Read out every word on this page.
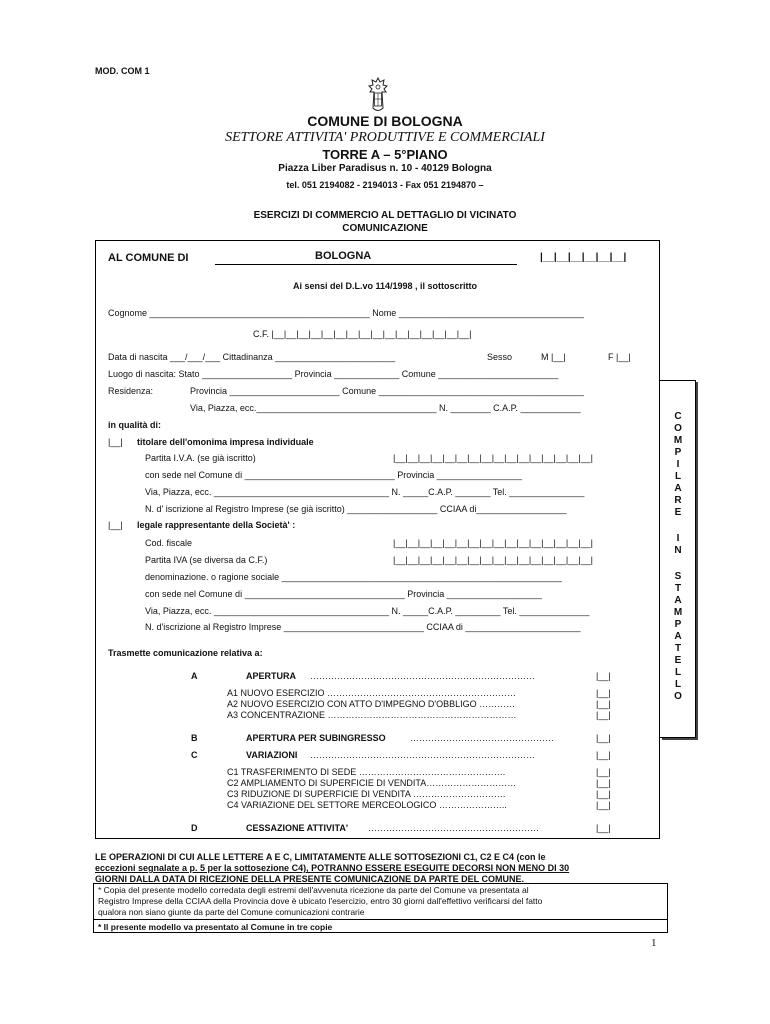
MOD. COM 1
COMUNE DI BOLOGNA
SETTORE ATTIVITA' PRODUTTIVE E COMMERCIALI
TORRE A – 5°PIANO
Piazza Liber Paradisus n. 10 - 40129 Bologna
tel. 051 2194082 - 2194013 - Fax 051 2194870 –
ESERCIZI DI COMMERCIO AL DETTAGLIO DI VICINATO
COMUNICAZIONE
AL COMUNE DI	BOLOGNA	|__|__|__|__|__|__|
Ai sensi del D.L.vo 114/1998 , il sottoscritto
Cognome ____________________________________________ Nome _____________________________________
C.F. |__|__|__|__|__|__|__|__|__|__|__|__|__|__|__|__|
Data di nascita ___/___/___ Cittadinanza ________________________	Sesso	M |__|	F |__|
Luogo di nascita: Stato __________________ Provincia _____________ Comune ________________________
Residenza:	Provincia ______________________ Comune _________________________________________
Via, Piazza, ecc.____________________________________ N. ________ C.A.P. ____________
in qualità di:
|__| titolare dell'omonima impresa individuale
Partita I.V.A. (se già iscritto)	|__|__|__|__|__|__|__|__|__|__|__|__|__|__|__|__|
con sede nel Comune di ______________________________ Provincia _________________
Via, Piazza, ecc. ___________________________________ N. _____C.A.P. _______ Tel. _______________
N. d' iscrizione al Registro Imprese (se già iscritto) __________________ CCIAA di__________________
|__| legale rappresentante della Società' :
Cod. fiscale	|__|__|__|__|__|__|__|__|__|__|__|__|__|__|__|__|
Partita IVA (se diversa da C.F.)	|__|__|__|__|__|__|__|__|__|__|__|__|__|__|__|__|
denominazione. o ragione sociale ________________________________________________________
con sede nel Comune di ________________________________ Provincia ___________________
Via, Piazza, ecc. ___________________________________ N. _____C.A.P. _________ Tel. ______________
N. d'iscrizione al Registro Imprese ____________________________ CCIAA di _______________________
Trasmette comunicazione relativa a:
A	APERTURA …………………………………………………………………	|__|
A1 NUOVO ESERCIZIO ………………………………………………………	|__|
A2 NUOVO ESERCIZIO CON ATTO D'IMPEGNO D'OBBLIGO …………	|__|
A3 CONCENTRAZIONE ………………………………………………………	|__|
B	APERTURA PER SUBINGRESSO	…………………………………………	|__|
C	VARIAZIONI …………………………………………………………………	|__|
C1 TRASFERIMENTO DI SEDE ………………………………………….	|__|
C2 AMPLIAMENTO DI SUPERFICIE DI VENDITA…………………………	|__|
C3 RIDUZIONE DI SUPERFICIE DI VENDITA ………………………….	|__|
C4 VARIAZIONE DEL SETTORE MERCEOLOGICO …………………..	|__|
D	CESSAZIONE ATTIVITA' …………………………………………………	|__|
C
O
M
P
I
L
A
R
E
I
N
S
T
A
M
P
A
T
E
L
L
O
LE OPERAZIONI DI CUI ALLE LETTERE A E C, LIMITATAMENTE ALLE SOTTOSEZIONI C1, C2 E C4 (con le
eccezioni segnalate a p. 5 per la sottosezione C4), POTRANNO ESSERE ESEGUITE DECORSI NON MENO DI 30
GIORNI DALLA DATA DI RICEZIONE DELLA PRESENTE COMUNICAZIONE DA PARTE DEL COMUNE.
* Copia del presente modello corredata degli estremi dell'avvenuta ricezione da parte del Comune va presentata al
Registro Imprese della CCIAA della Provincia dove è ubicato l'esercizio, entro 30 giorni dall'effettivo verificarsi del fatto
qualora non siano giunte da parte del Comune comunicazioni contrarie
* Il presente modello va presentato al Comune in tre copie
1
